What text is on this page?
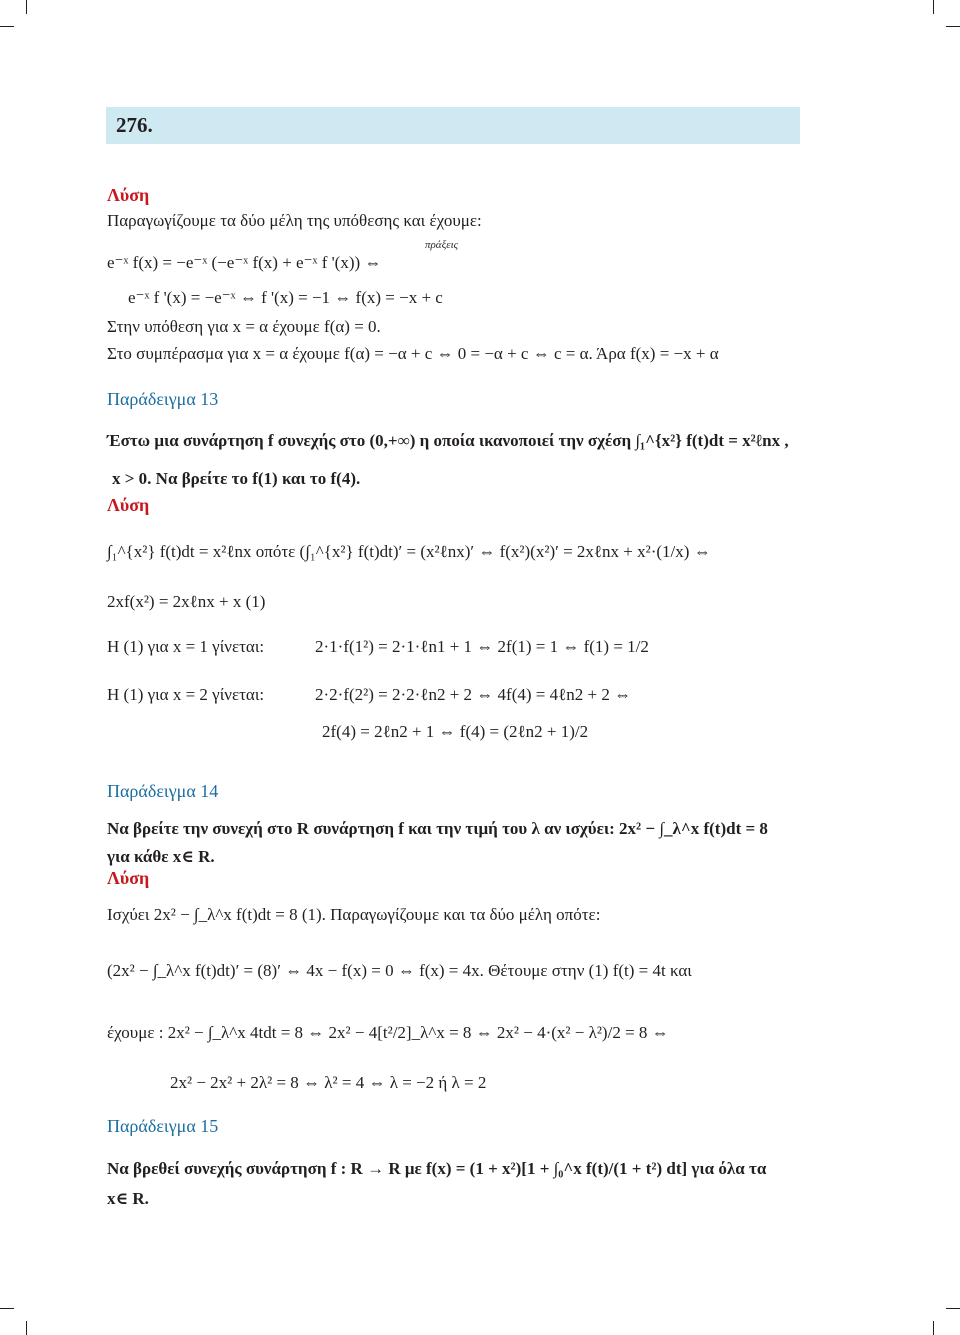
276.
Λύση
Παραγωγίζουμε τα δύο μέλη της υπόθεσης και έχουμε:
πράξεις
e⁻ˣ f(x) = −e⁻ˣ (−e⁻ˣ f(x) + e⁻ˣ f '(x)) ⇔
e⁻ˣ f '(x) = −e⁻ˣ ⇔ f '(x) = −1 ⇔ f(x) = −x + c
Στην υπόθεση για x = α έχουμε f(α) = 0.
Στο συμπέρασμα για x = α έχουμε f(α) = −α + c ⇔ 0 = −α + c ⇔ c = α. Άρα f(x) = −x + α
Παράδειγμα 13
Έστω μια συνάρτηση f συνεχής στο (0,+∞) η οποία ικανοποιεί την σχέση ∫₁^{x²} f(t)dt = x²ℓnx ,
x > 0. Να βρείτε το f(1) και το f(4).
Λύση
∫₁^{x²} f(t)dt = x²ℓnx οπότε (∫₁^{x²} f(t)dt)′ = (x²ℓnx)′ ⇔ f(x²)(x²)′ = 2xℓnx + x²·(1/x) ⇔
2xf(x²) = 2xℓnx + x (1)
Η (1) για x = 1 γίνεται:	2·1·f(1²) = 2·1·ℓn1 + 1 ⇔ 2f(1) = 1 ⇔ f(1) = 1/2
Η (1) για x = 2 γίνεται:	2·2·f(2²) = 2·2·ℓn2 + 2 ⇔ 4f(4) = 4ℓn2 + 2 ⇔
2f(4) = 2ℓn2 + 1 ⇔ f(4) = (2ℓn2 + 1)/2
Παράδειγμα 14
Να βρείτε την συνεχή στο R συνάρτηση f και την τιμή του λ αν ισχύει: 2x² − ∫_λ^x f(t)dt = 8
για κάθε x∈ R.
Λύση
Ισχύει 2x² − ∫_λ^x f(t)dt = 8 (1). Παραγωγίζουμε και τα δύο μέλη οπότε:
(2x² − ∫_λ^x f(t)dt)′ = (8)′ ⇔ 4x − f(x) = 0 ⇔ f(x) = 4x. Θέτουμε στην (1) f(t) = 4t και
έχουμε : 2x² − ∫_λ^x 4tdt = 8 ⇔ 2x² − 4[t²/2]_λ^x = 8 ⇔ 2x² − 4·(x² − λ²)/2 = 8 ⇔
2x² − 2x² + 2λ² = 8 ⇔ λ² = 4 ⇔ λ = −2 ή λ = 2
Παράδειγμα 15
Να βρεθεί συνεχής συνάρτηση f : R → R με f(x) = (1 + x²)[1 + ∫₀^x f(t)/(1 + t²) dt] για όλα τα
x∈ R.
